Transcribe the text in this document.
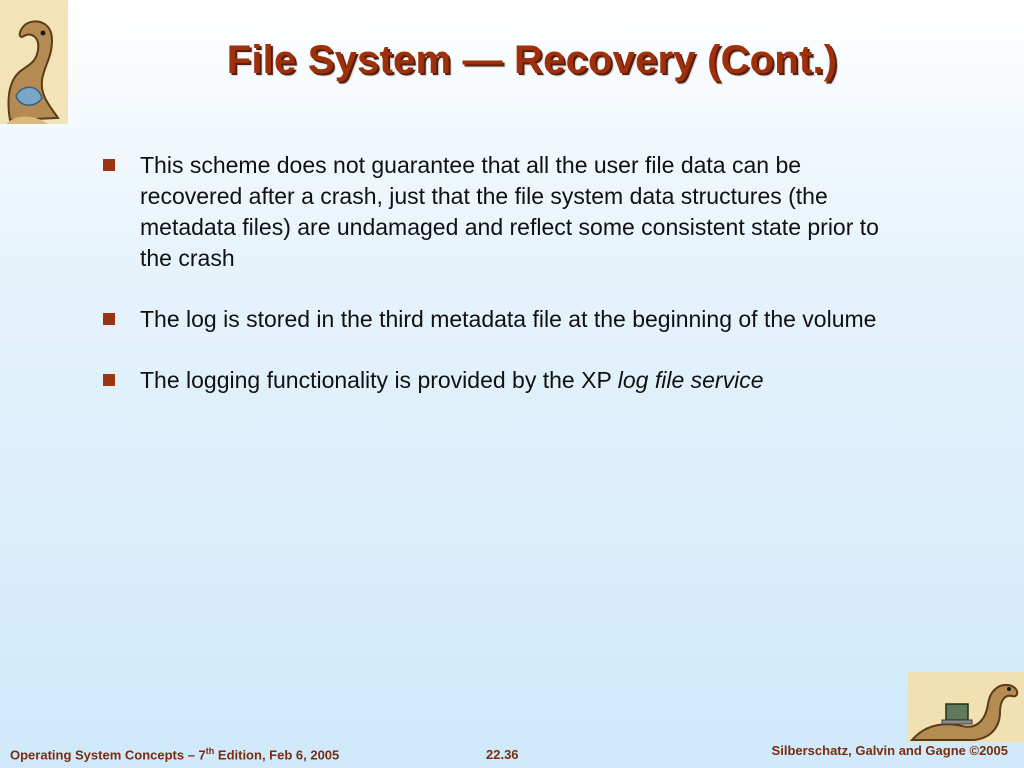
File System — Recovery (Cont.)
This scheme does not guarantee that all the user file data can be recovered after a crash, just that the file system data structures (the metadata files) are undamaged and reflect some consistent state prior to the crash
The log is stored in the third metadata file at the beginning of the volume
The logging functionality is provided by the XP log file service
Operating System Concepts – 7th Edition, Feb 6, 2005	22.36	Silberschatz, Galvin and Gagne ©2005
